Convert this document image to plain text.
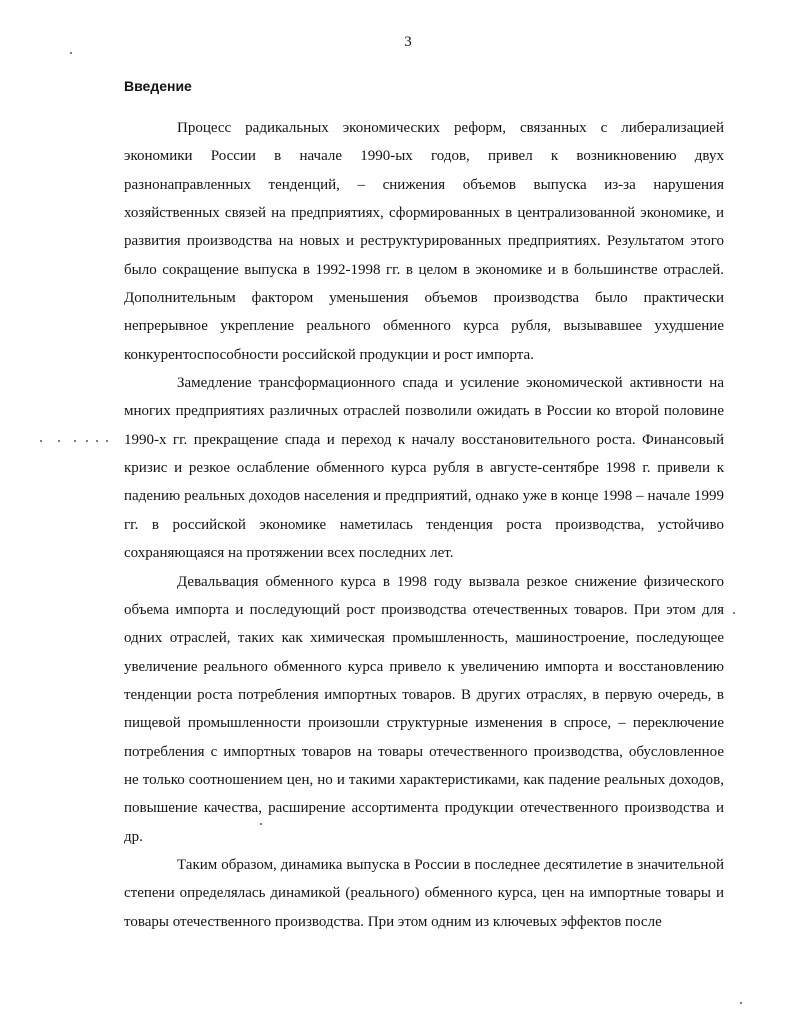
3
Введение

Процесс радикальных экономических реформ, связанных с либерализацией экономики России в начале 1990-ых годов, привел к возникновению двух разнонаправленных тенденций, – снижения объемов выпуска из-за нарушения хозяйственных связей на предприятиях, сформированных в централизованной экономике, и развития производства на новых и реструктурированных предприятиях. Результатом этого было сокращение выпуска в 1992-1998 гг. в целом в экономике и в большинстве отраслей. Дополнительным фактором уменьшения объемов производства было практически непрерывное укрепление реального обменного курса рубля, вызывавшее ухудшение конкурентоспособности российской продукции и рост импорта.

Замедление трансформационного спада и усиление экономической активности на многих предприятиях различных отраслей позволили ожидать в России ко второй половине 1990-х гг. прекращение спада и переход к началу восстановительного роста. Финансовый кризис и резкое ослабление обменного курса рубля в августе-сентябре 1998 г. привели к падению реальных доходов населения и предприятий, однако уже в конце 1998 – начале 1999 гг. в российской экономике наметилась тенденция роста производства, устойчиво сохраняющаяся на протяжении всех последних лет.

Девальвация обменного курса в 1998 году вызвала резкое снижение физического объема импорта и последующий рост производства отечественных товаров. При этом для одних отраслей, таких как химическая промышленность, машиностроение, последующее увеличение реального обменного курса привело к увеличению импорта и восстановлению тенденции роста потребления импортных товаров. В других отраслях, в первую очередь, в пищевой промышленности произошли структурные изменения в спросе, – переключение потребления с импортных товаров на товары отечественного производства, обусловленное не только соотношением цен, но и такими характеристиками, как падение реальных доходов, повышение качества, расширение ассортимента продукции отечественного производства и др.

Таким образом, динамика выпуска в России в последнее десятилетие в значительной степени определялась динамикой (реального) обменного курса, цен на импортные товары и товары отечественного производства. При этом одним из ключевых эффектов после
